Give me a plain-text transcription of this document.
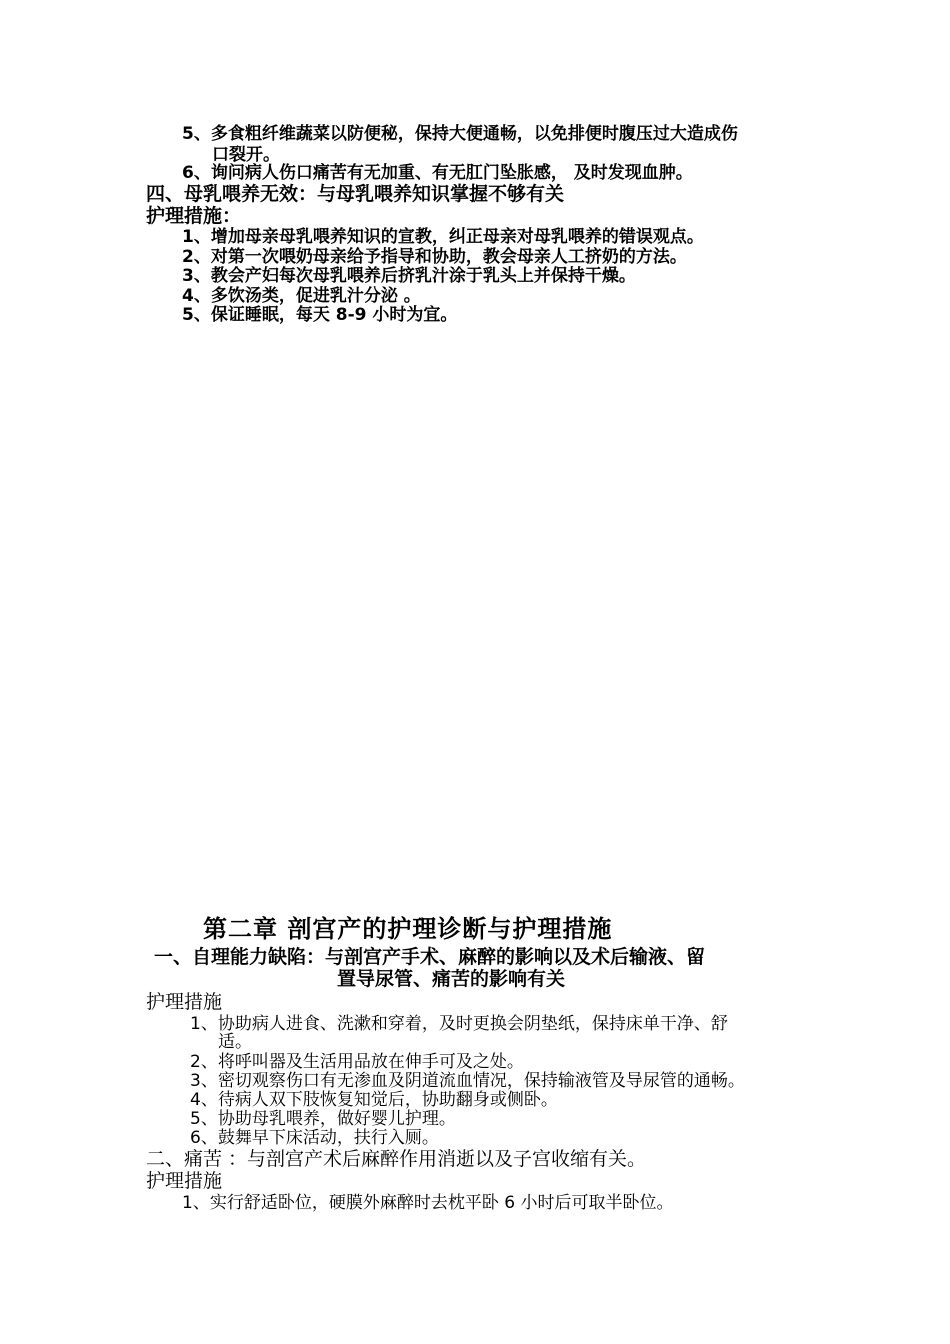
5、多食粗纤维蔬菜以防便秘，保持大便通畅，以免排便时腹压过大造成伤
口裂开。
6、询问病人伤口痛苦有无加重、有无肛门坠胀感， 及时发现血肿。
四、母乳喂养无效：与母乳喂养知识掌握不够有关
护理措施：
1、增加母亲母乳喂养知识的宣教，纠正母亲对母乳喂养的错误观点。
2、对第一次喂奶母亲给予指导和协助，教会母亲人工挤奶的方法。
3、教会产妇每次母乳喂养后挤乳汁涂于乳头上并保持干燥。
4、多饮汤类，促进乳汁分泌 。
5、保证睡眠，每天 8-9 小时为宜。
第二章 剖宫产的护理诊断与护理措施
一、自理能力缺陷：与剖宫产手术、麻醉的影响以及术后输液、留
置导尿管、痛苦的影响有关
护理措施
1、协助病人进食、洗漱和穿着，及时更换会阴垫纸，保持床单干净、舒
适。
2、将呼叫器及生活用品放在伸手可及之处。
3、密切观察伤口有无渗血及阴道流血情况，保持输液管及导尿管的通畅。
4、待病人双下肢恢复知觉后，协助翻身或侧卧。
5、协助母乳喂养，做好婴儿护理。
6、鼓舞早下床活动，扶行入厕。
二、痛苦 ：与剖宫产术后麻醉作用消逝以及子宫收缩有关。
护理措施
1、实行舒适卧位，硬膜外麻醉时去枕平卧 6 小时后可取半卧位。
